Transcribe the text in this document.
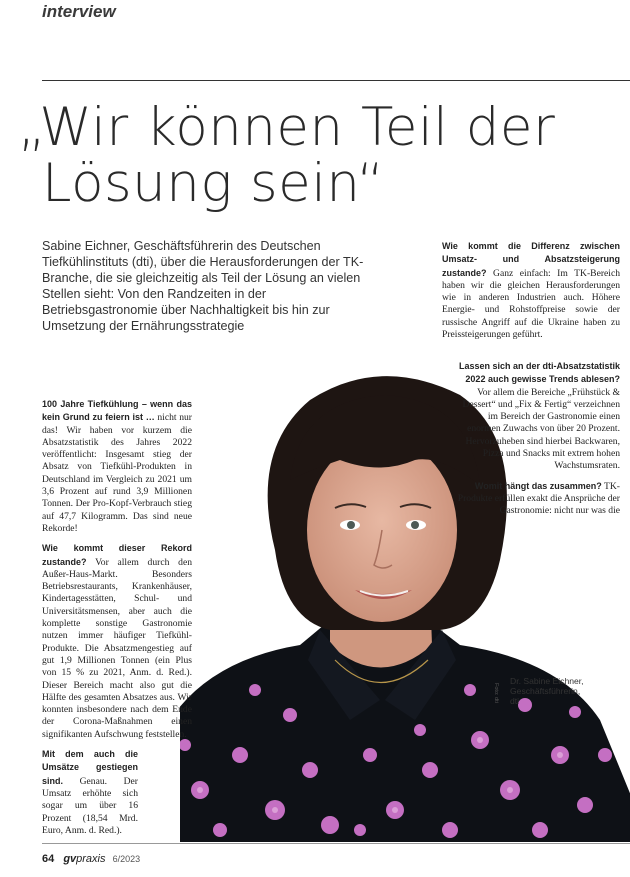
interview
„Wir können Teil der
Lösung sein“
Sabine Eichner, Geschäftsführerin des Deutschen Tiefkühlinstituts (dti), über die Herausforderungen der TK-Branche, die sie gleichzeitig als Teil der Lösung an vielen Stellen sieht: Von den Randzeiten in der Betriebsgastronomie über Nachhaltigkeit bis hin zur Umsetzung der Ernährungsstrategie

Wie kommt die Differenz zwischen Umsatz- und Absatzsteigerung zustande? Ganz einfach: Im TK-Bereich haben wir die gleichen Herausforderungen wie in anderen Industrien auch. Höhere Energie- und Rohstoffpreise sowie der russische Angriff auf die Ukraine haben zu Preissteigerungen geführt.

100 Jahre Tiefkühlung – wenn das kein Grund zu feiern ist … nicht nur das! Wir haben vor kurzem die Absatzstatistik des Jahres 2022 veröffentlicht: Insgesamt stieg der Absatz von Tiefkühl-Produkten in Deutschland im Vergleich zu 2021 um 3,6 Prozent auf rund 3,9 Millionen Tonnen. Der Pro-Kopf-Verbrauch stieg auf 47,7 Kilogramm. Das sind neue Rekorde!

Wie kommt dieser Rekord zustande? Vor allem durch den Außer-Haus-Markt. Besonders Betriebsrestaurants, Krankenhäuser, Kindertagesstätten, Schul- und Universitätsmensen, aber auch die komplette sonstige Gastronomie nutzen immer häufiger Tiefkühl-Produkte. Die Absatzmengestieg auf gut 1,9 Millionen Tonnen (ein Plus von 15 % zu 2021, Anm. d. Red.). Dieser Bereich macht also gut die Hälfte des gesamten Absatzes aus. Wir konnten insbesondere nach dem Ende der Corona-Maßnahmen einen signifikanten Aufschwung feststellen.

Mit dem auch die Umsätze gestiegen sind. Genau. Der Umsatz erhöhte sich sogar um über 16 Prozent (18,54 Mrd. Euro, Anm. d. Red.).

Lassen sich an der dti-Absatzstatistik 2022 auch gewisse Trends ablesen? Vor allem die Bereiche „Frühstück & Dessert“ und „Fix & Fertig“ verzeichnen im Bereich der Gastronomie einen enormen Zuwachs von über 20 Prozent. Hervorzuheben sind hierbei Backwaren, Pizza und Snacks mit extrem hohen Wachstumsraten.

Womit hängt das zusammen? TK-Produkte erfüllen exakt die Ansprüche der Gastronomie: nicht nur was die

Foto: dti
Dr. Sabine Eichner,
Geschäftsführerin,
dti
64 gvpraxis 6/2023
